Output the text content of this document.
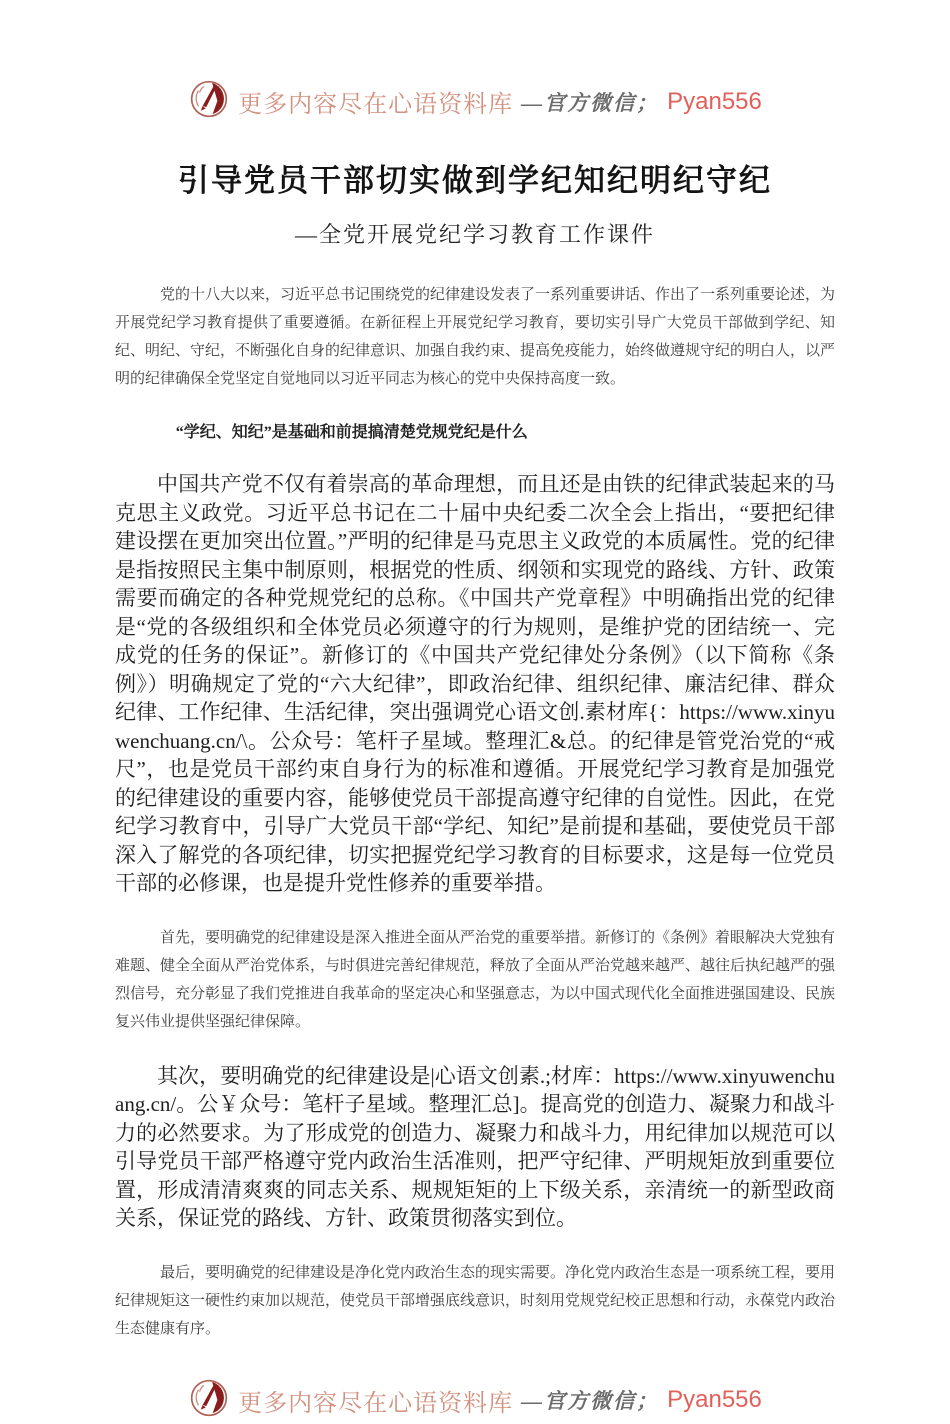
更多内容尽在心语资料库 —官方微信； Pyan556
引导党员干部切实做到学纪知纪明纪守纪
—全党开展党纪学习教育工作课件

党的十八大以来，习近平总书记围绕党的纪律建设发表了一系列重要讲话、作出了一系列重要论述，为开展党纪学习教育提供了重要遵循。在新征程上开展党纪学习教育，要切实引导广大党员干部做到学纪、知纪、明纪、守纪，不断强化自身的纪律意识、加强自我约束、提高免疫能力，始终做遵规守纪的明白人，以严明的纪律确保全党坚定自觉地同以习近平同志为核心的党中央保持高度一致。

“学纪、知纪”是基础和前提搞清楚党规党纪是什么

中国共产党不仅有着崇高的革命理想，而且还是由铁的纪律武装起来的马克思主义政党。习近平总书记在二十届中央纪委二次全会上指出，“要把纪律建设摆在更加突出位置。”严明的纪律是马克思主义政党的本质属性。党的纪律是指按照民主集中制原则，根据党的性质、纲领和实现党的路线、方针、政策需要而确定的各种党规党纪的总称。《中国共产党章程》中明确指出党的纪律是“党的各级组织和全体党员必须遵守的行为规则，是维护党的团结统一、完成党的任务的保证”。新修订的《中国共产党纪律处分条例》（以下简称《条例》）明确规定了党的“六大纪律”，即政治纪律、组织纪律、廉洁纪律、群众纪律、工作纪律、生活纪律，突出强调党心语文创.素材库{：https://www.xinyuwenchuang.cn/\。公众号：笔杆子星域。整理汇&总。的纪律是管党治党的“戒尺”，也是党员干部约束自身行为的标准和遵循。开展党纪学习教育是加强党的纪律建设的重要内容，能够使党员干部提高遵守纪律的自觉性。因此，在党纪学习教育中，引导广大党员干部“学纪、知纪”是前提和基础，要使党员干部深入了解党的各项纪律，切实把握党纪学习教育的目标要求，这是每一位党员干部的必修课，也是提升党性修养的重要举措。

首先，要明确党的纪律建设是深入推进全面从严治党的重要举措。新修订的《条例》着眼解决大党独有难题、健全全面从严治党体系，与时俱进完善纪律规范，释放了全面从严治党越来越严、越往后执纪越严的强烈信号，充分彰显了我们党推进自我革命的坚定决心和坚强意志，为以中国式现代化全面推进强国建设、民族复兴伟业提供坚强纪律保障。

其次，要明确党的纪律建设是|心语文创素.;材库：https://www.xinyuwenchuang.cn/。公￥众号：笔杆子星域。整理汇总]。提高党的创造力、凝聚力和战斗力的必然要求。为了形成党的创造力、凝聚力和战斗力，用纪律加以规范可以引导党员干部严格遵守党内政治生活准则，把严守纪律、严明规矩放到重要位置，形成清清爽爽的同志关系、规规矩矩的上下级关系，亲清统一的新型政商关系，保证党的路线、方针、政策贯彻落实到位。

最后，要明确党的纪律建设是净化党内政治生态的现实需要。净化党内政治生态是一项系统工程，要用纪律规矩这一硬性约束加以规范，使党员干部增强底线意识，时刻用党规党纪校正思想和行动，永葆党内政治生态健康有序。

更多内容尽在心语资料库 —官方微信； Pyan556
